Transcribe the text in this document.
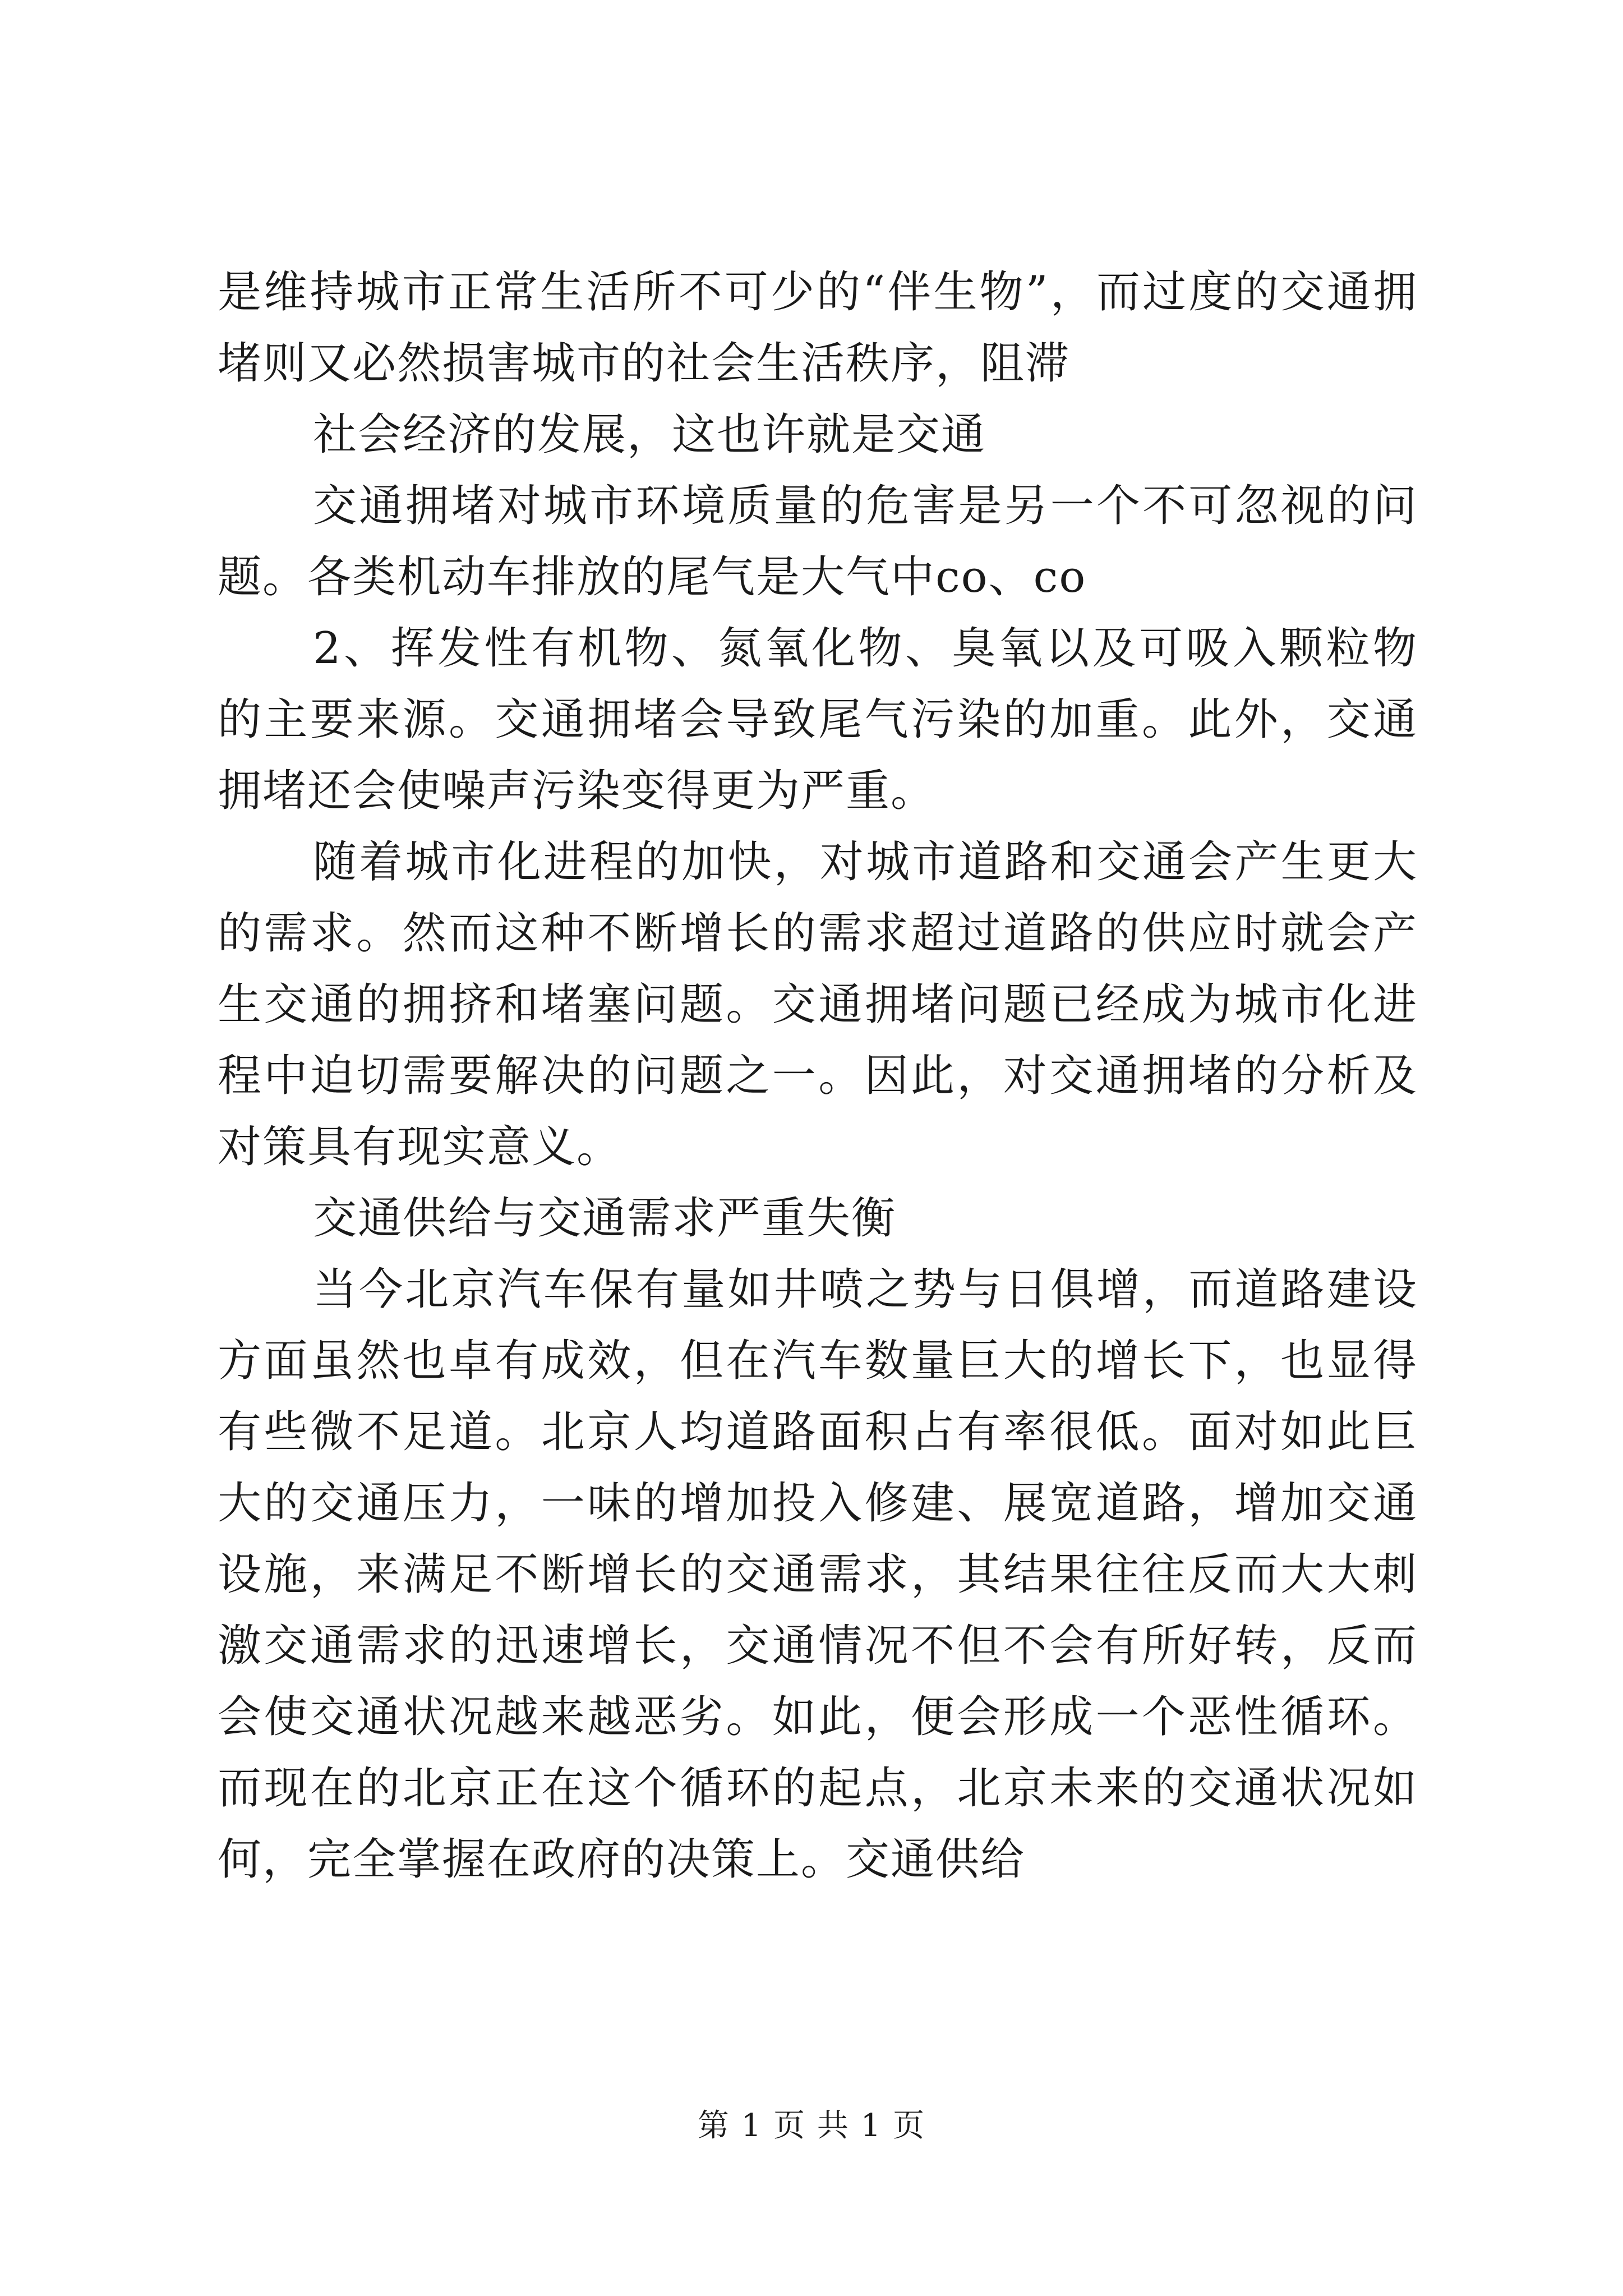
是维持城市正常生活所不可少的“伴生物”，而过度的交通拥堵则又必然损害城市的社会生活秩序，阻滞

社会经济的发展，这也许就是交通

交通拥堵对城市环境质量的危害是另一个不可忽视的问题。各类机动车排放的尾气是大气中co、co

2、挥发性有机物、氮氧化物、臭氧以及可吸入颗粒物的主要来源。交通拥堵会导致尾气污染的加重。此外，交通拥堵还会使噪声污染变得更为严重。

随着城市化进程的加快，对城市道路和交通会产生更大的需求。然而这种不断增长的需求超过道路的供应时就会产生交通的拥挤和堵塞问题。交通拥堵问题已经成为城市化进程中迫切需要解决的问题之一。因此，对交通拥堵的分析及对策具有现实意义。

交通供给与交通需求严重失衡

当今北京汽车保有量如井喷之势与日俱增，而道路建设方面虽然也卓有成效，但在汽车数量巨大的增长下，也显得有些微不足道。北京人均道路面积占有率很低。面对如此巨大的交通压力，一味的增加投入修建、展宽道路，增加交通设施，来满足不断增长的交通需求，其结果往往反而大大刺激交通需求的迅速增长，交通情况不但不会有所好转，反而会使交通状况越来越恶劣。如此，便会形成一个恶性循环。而现在的北京正在这个循环的起点，北京未来的交通状况如何，完全掌握在政府的决策上。交通供给

第 1 页 共 1 页
